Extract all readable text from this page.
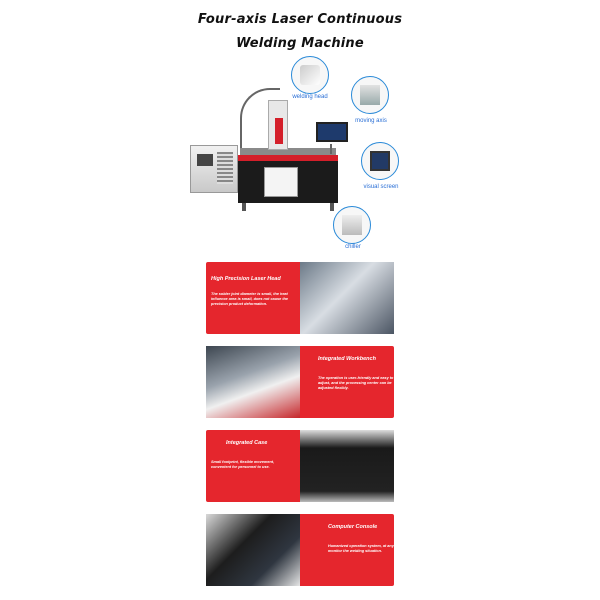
Four-axis Laser Continuous
Welding Machine
welding head
moving axis
visual screen
chiller
High Precision Laser Head
The solder joint diameter is small, the heat influence area is small, does not cause the precision product deformation.
Integrated Workbench
The operation is user-friendly and easy to adjust, and the processing center can be adjusted flexibly.
Integrated Case
Small footprint, flexible movement, convenient for personnel to use.
Computer Console
Humanized operation system, at any time to monitor the welding situation.
